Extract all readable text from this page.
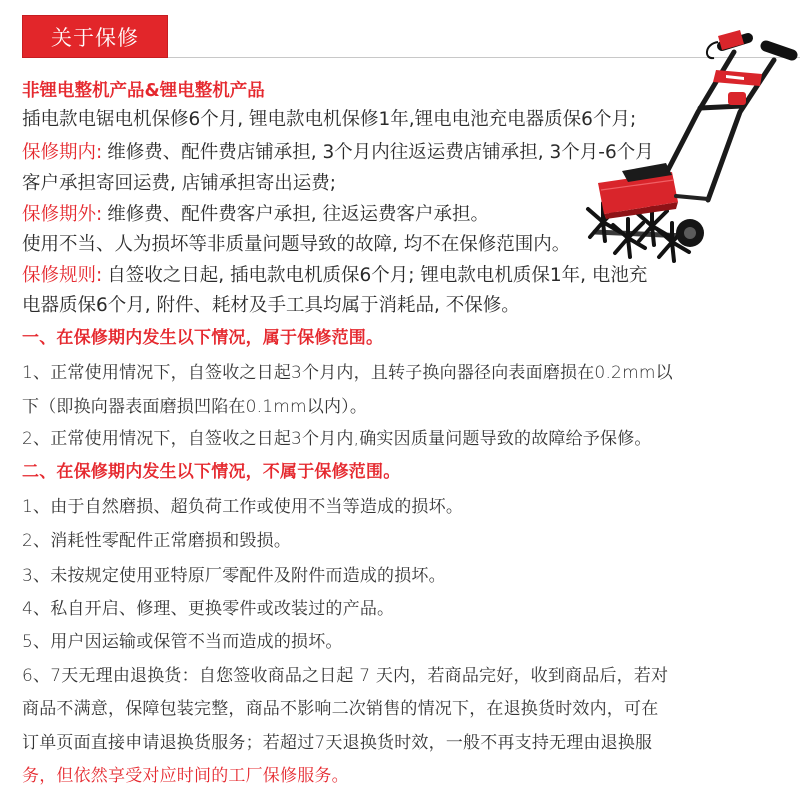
关于保修
非锂电整机产品&锂电整机产品
插电款电锯电机保修6个月, 锂电款电机保修1年,锂电电池充电器质保6个月;
保修期内: 维修费、配件费店铺承担, 3个月内往返运费店铺承担, 3个月-6个月
客户承担寄回运费, 店铺承担寄出运费;
保修期外: 维修费、配件费客户承担, 往返运费客户承担。
使用不当、人为损坏等非质量问题导致的故障, 均不在保修范围内。
保修规则: 自签收之日起, 插电款电机质保6个月; 锂电款电机质保1年, 电池充
电器质保6个月, 附件、耗材及手工具均属于消耗品, 不保修。
一、在保修期内发生以下情况，属于保修范围。
1、正常使用情况下，自签收之日起3个月内，且转子换向器径向表面磨损在0.2mm以
下（即换向器表面磨损凹陷在0.1mm以内）。
2、正常使用情况下，自签收之日起3个月内,确实因质量问题导致的故障给予保修。
二、在保修期内发生以下情况，不属于保修范围。
1、由于自然磨损、超负荷工作或使用不当等造成的损坏。
2、消耗性零配件正常磨损和毁损。
3、未按规定使用亚特原厂零配件及附件而造成的损坏。
4、私自开启、修理、更换零件或改装过的产品。
5、用户因运输或保管不当而造成的损坏。
6、7天无理由退换货：自您签收商品之日起 7 天内，若商品完好，收到商品后，若对
商品不满意，保障包装完整，商品不影响二次销售的情况下，在退换货时效内，可在
订单页面直接申请退换货服务；若超过7天退换货时效，一般不再支持无理由退换服
务，但依然享受对应时间的工厂保修服务。
